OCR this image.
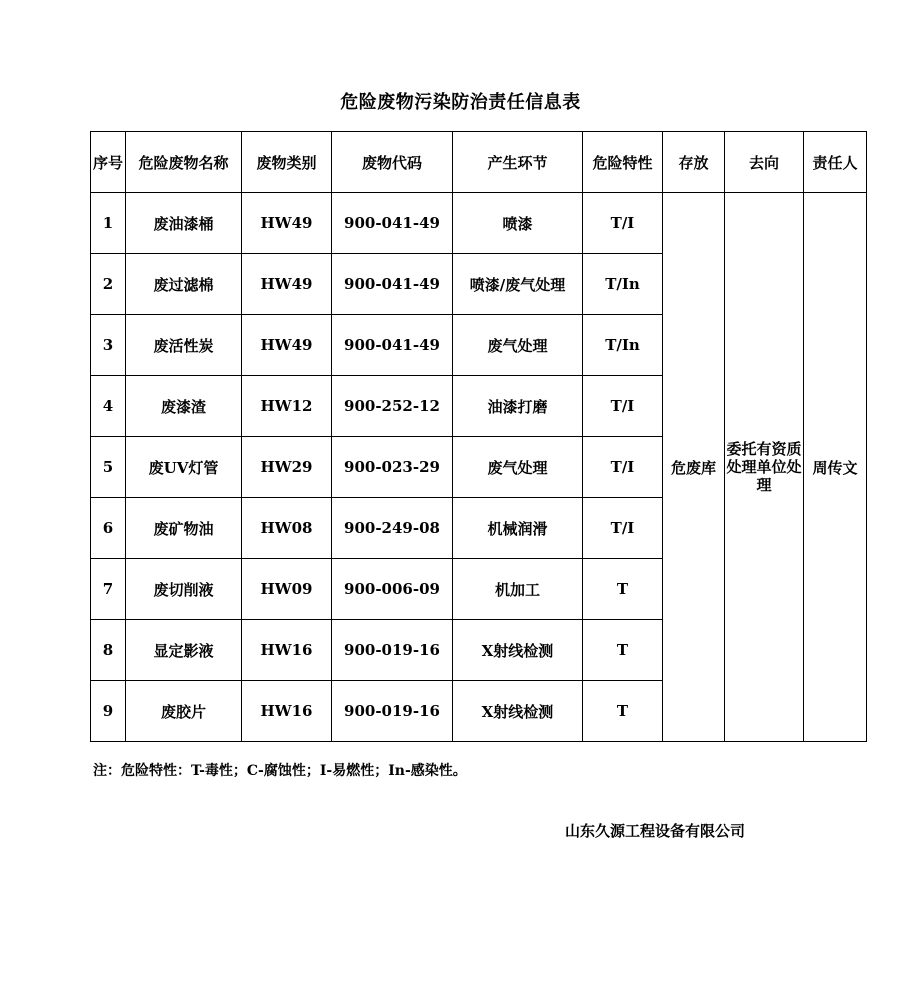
危险废物污染防治责任信息表
序号	危险废物名称	废物类别	废物代码	产生环节	危险特性	存放	去向	责任人
1	废油漆桶	HW49	900-041-49	喷漆	T/I	危废库	委托有资质处理单位处理	周传文
2	废过滤棉	HW49	900-041-49	喷漆/废气处理	T/In			
3	废活性炭	HW49	900-041-49	废气处理	T/In			
4	废漆渣	HW12	900-252-12	油漆打磨	T/I			
5	废UV灯管	HW29	900-023-29	废气处理	T/I			
6	废矿物油	HW08	900-249-08	机械润滑	T/I			
7	废切削液	HW09	900-006-09	机加工	T			
8	显定影液	HW16	900-019-16	X射线检测	T			
9	废胶片	HW16	900-019-16	X射线检测	T			
注：危险特性：T-毒性；C-腐蚀性；I-易燃性；In-感染性。
山东久源工程设备有限公司
